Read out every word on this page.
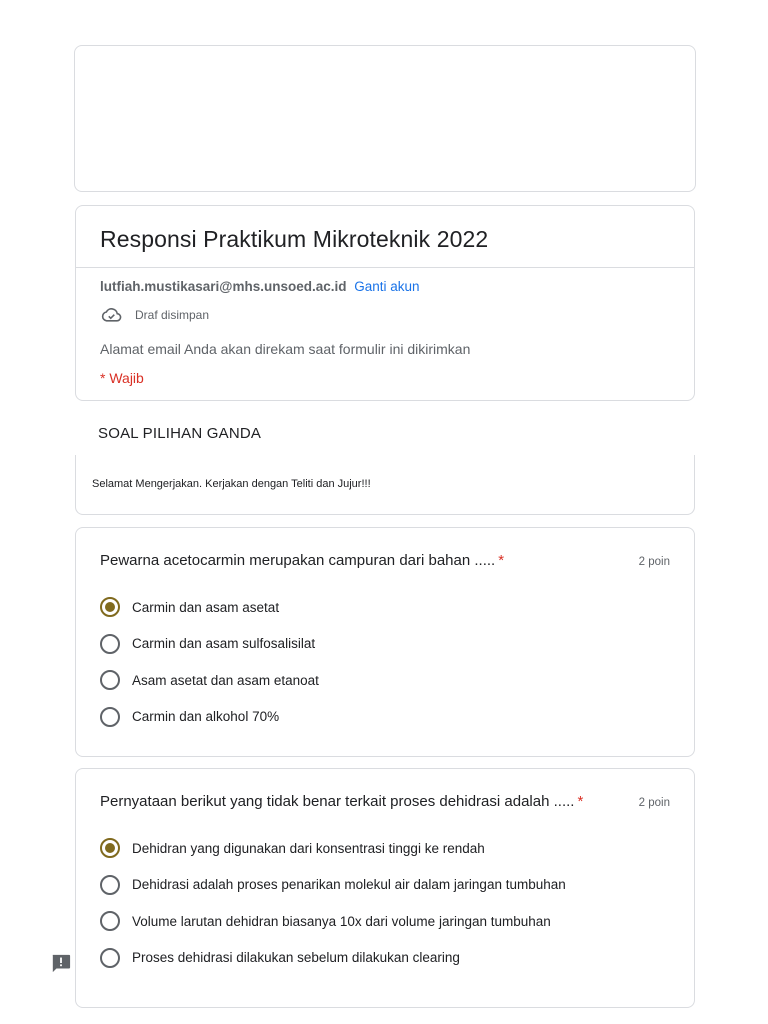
Responsi Praktikum Mikroteknik 2022
lutfiah.mustikasari@mhs.unsoed.ac.id Ganti akun
Draf disimpan
Alamat email Anda akan direkam saat formulir ini dikirimkan
* Wajib
SOAL PILIHAN GANDA
Selamat Mengerjakan. Kerjakan dengan Teliti dan Jujur!!!
Pewarna acetocarmin merupakan campuran dari bahan ..... *	2 poin
Carmin dan asam asetat
Carmin dan asam sulfosalisilat
Asam asetat dan asam etanoat
Carmin dan alkohol 70%
Pernyataan berikut yang tidak benar terkait proses dehidrasi adalah ..... *	2 poin
Dehidran yang digunakan dari konsentrasi tinggi ke rendah
Dehidrasi adalah proses penarikan molekul air dalam jaringan tumbuhan
Volume larutan dehidran biasanya 10x dari volume jaringan tumbuhan
Proses dehidrasi dilakukan sebelum dilakukan clearing
